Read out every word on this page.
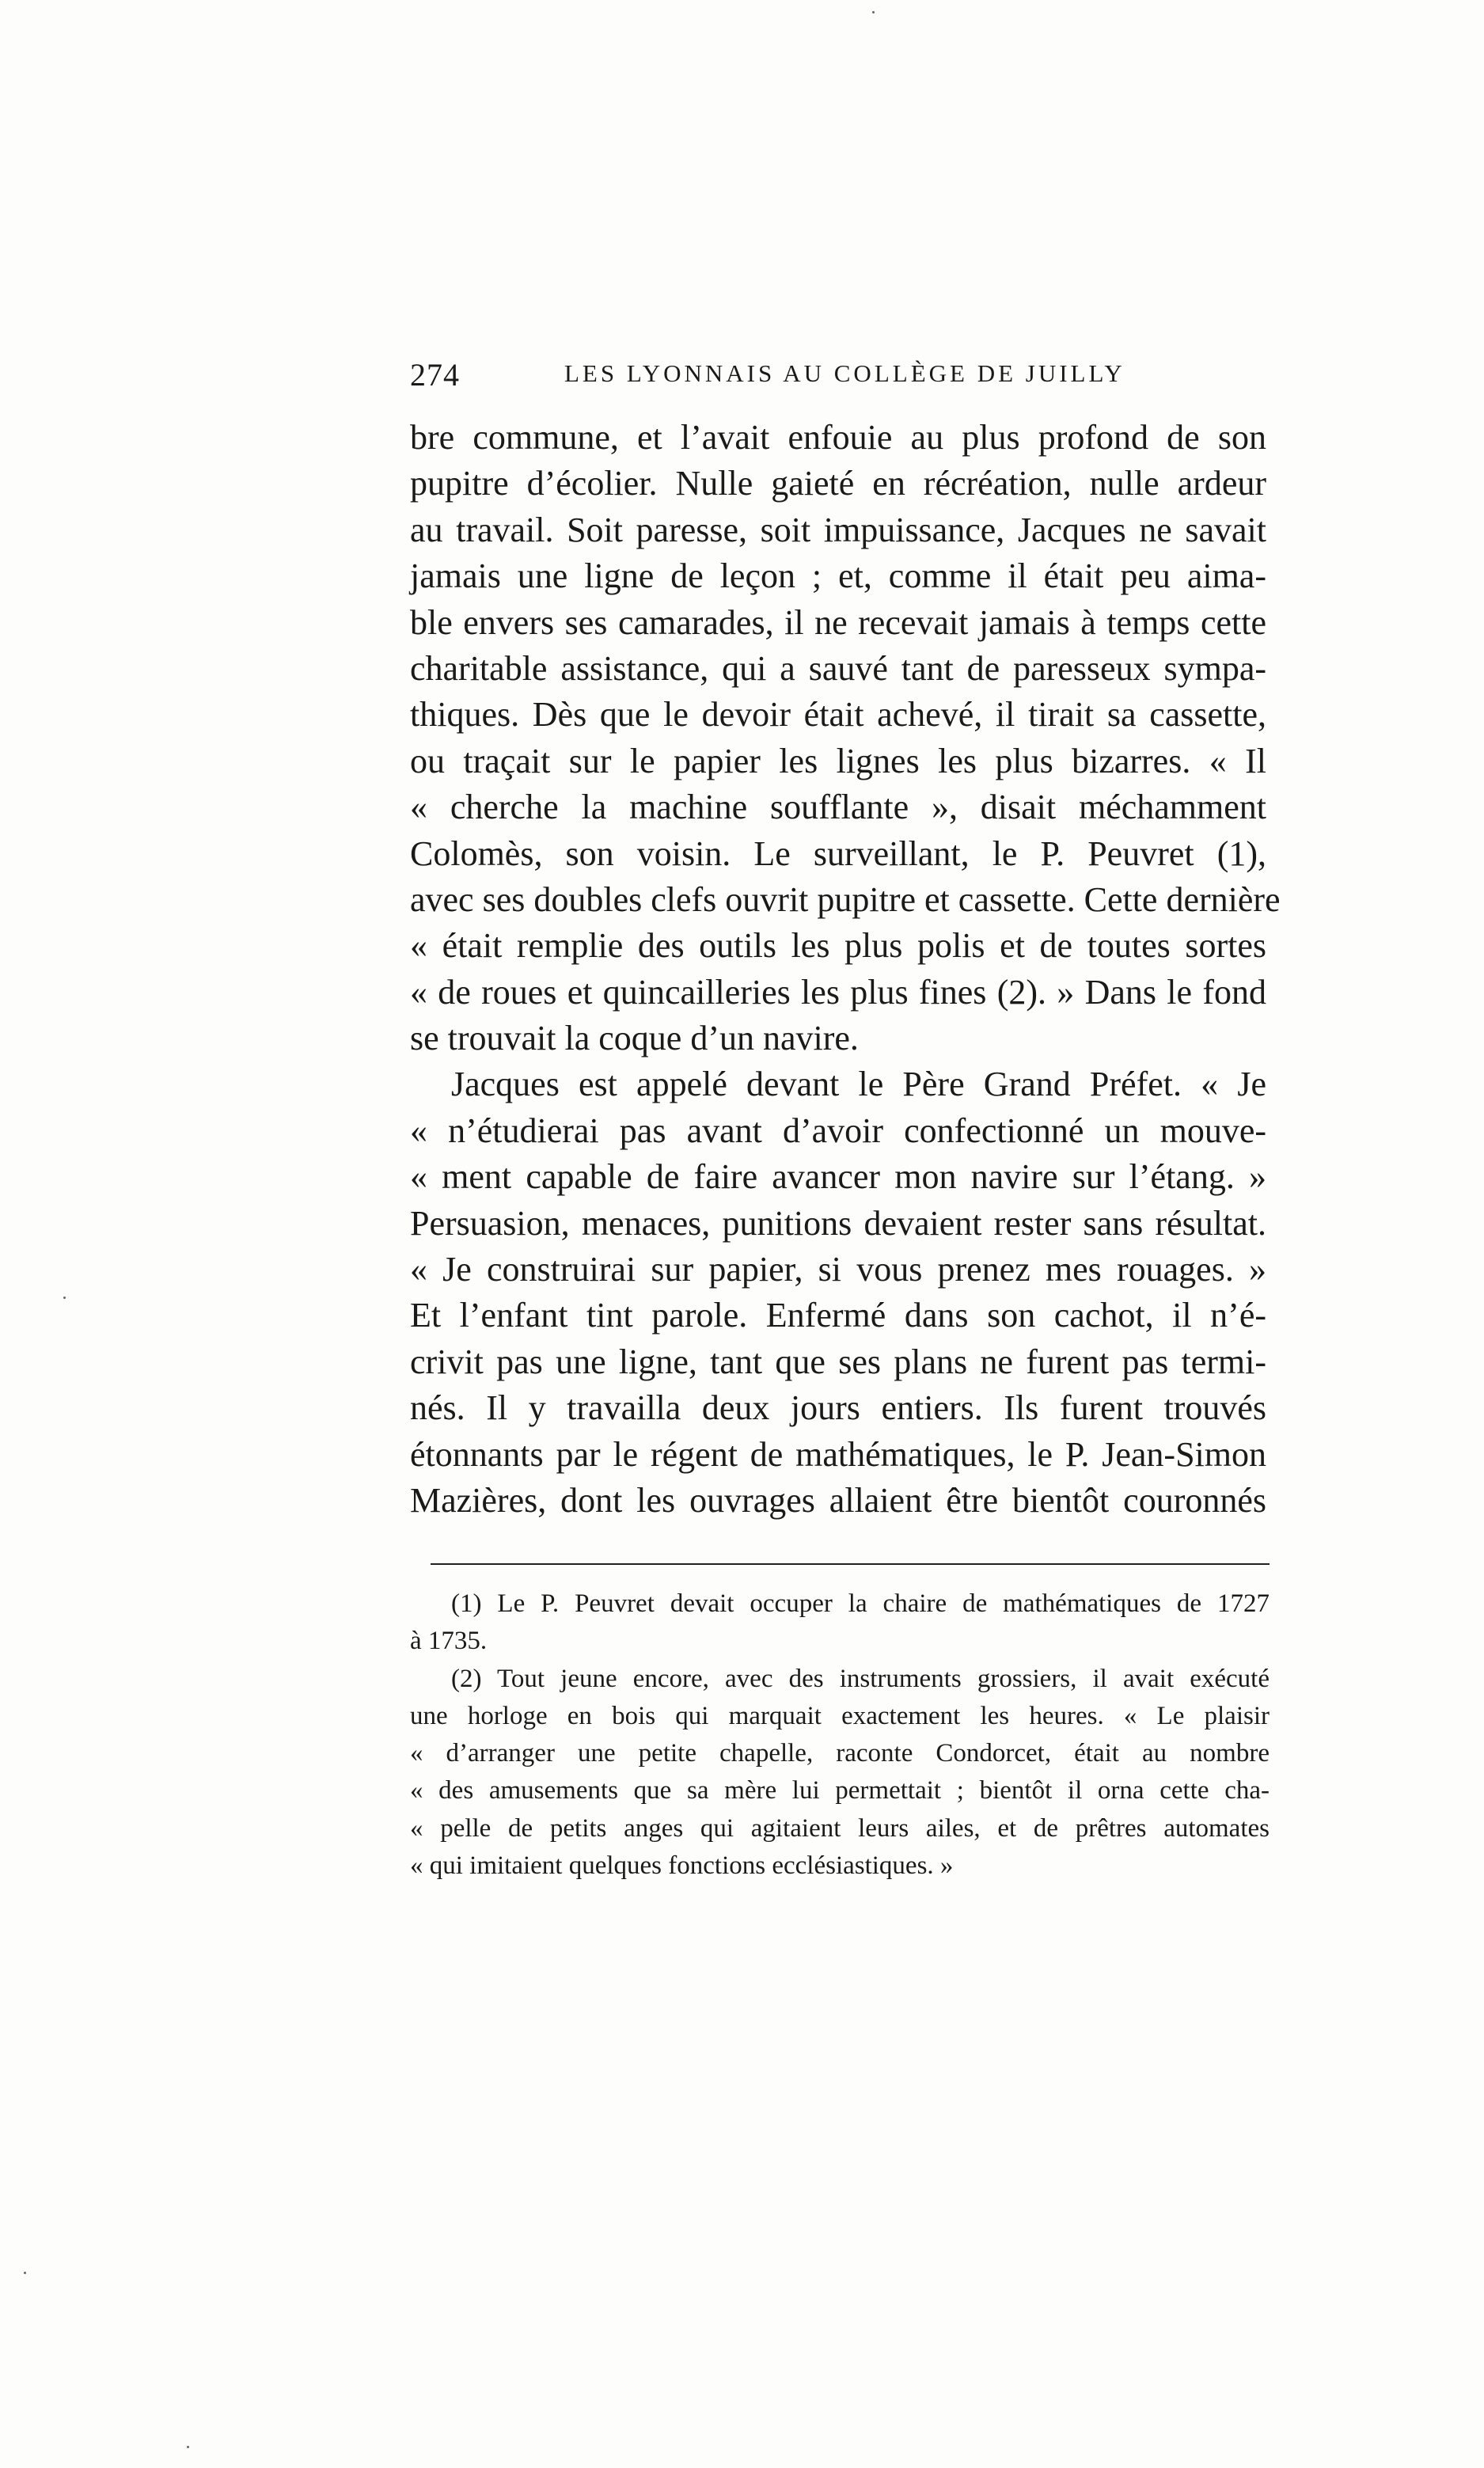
274	LES LYONNAIS AU COLLÈGE DE JUILLY
bre commune, et l’avait enfouie au plus profond de son
pupitre d’écolier. Nulle gaieté en récréation, nulle ardeur
au travail. Soit paresse, soit impuissance, Jacques ne savait
jamais une ligne de leçon ; et, comme il était peu aima-
ble envers ses camarades, il ne recevait jamais à temps cette
charitable assistance, qui a sauvé tant de paresseux sympa-
thiques. Dès que le devoir était achevé, il tirait sa cassette,
ou traçait sur le papier les lignes les plus bizarres. « Il
« cherche la machine soufflante », disait méchamment
Colomès, son voisin. Le surveillant, le P. Peuvret (1),
avec ses doubles clefs ouvrit pupitre et cassette. Cette dernière
« était remplie des outils les plus polis et de toutes sortes
« de roues et quincailleries les plus fines (2). » Dans le fond
se trouvait la coque d’un navire.
Jacques est appelé devant le Père Grand Préfet. « Je
« n’étudierai pas avant d’avoir confectionné un mouve-
« ment capable de faire avancer mon navire sur l’étang. »
Persuasion, menaces, punitions devaient rester sans résultat.
« Je construirai sur papier, si vous prenez mes rouages. »
Et l’enfant tint parole. Enfermé dans son cachot, il n’é-
crivit pas une ligne, tant que ses plans ne furent pas termi-
nés. Il y travailla deux jours entiers. Ils furent trouvés
étonnants par le régent de mathématiques, le P. Jean-Simon
Mazières, dont les ouvrages allaient être bientôt couronnés
(1) Le P. Peuvret devait occuper la chaire de mathématiques de 1727
à 1735.
(2) Tout jeune encore, avec des instruments grossiers, il avait exécuté
une horloge en bois qui marquait exactement les heures. « Le plaisir
« d’arranger une petite chapelle, raconte Condorcet, était au nombre
« des amusements que sa mère lui permettait ; bientôt il orna cette cha-
« pelle de petits anges qui agitaient leurs ailes, et de prêtres automates
« qui imitaient quelques fonctions ecclésiastiques. »
